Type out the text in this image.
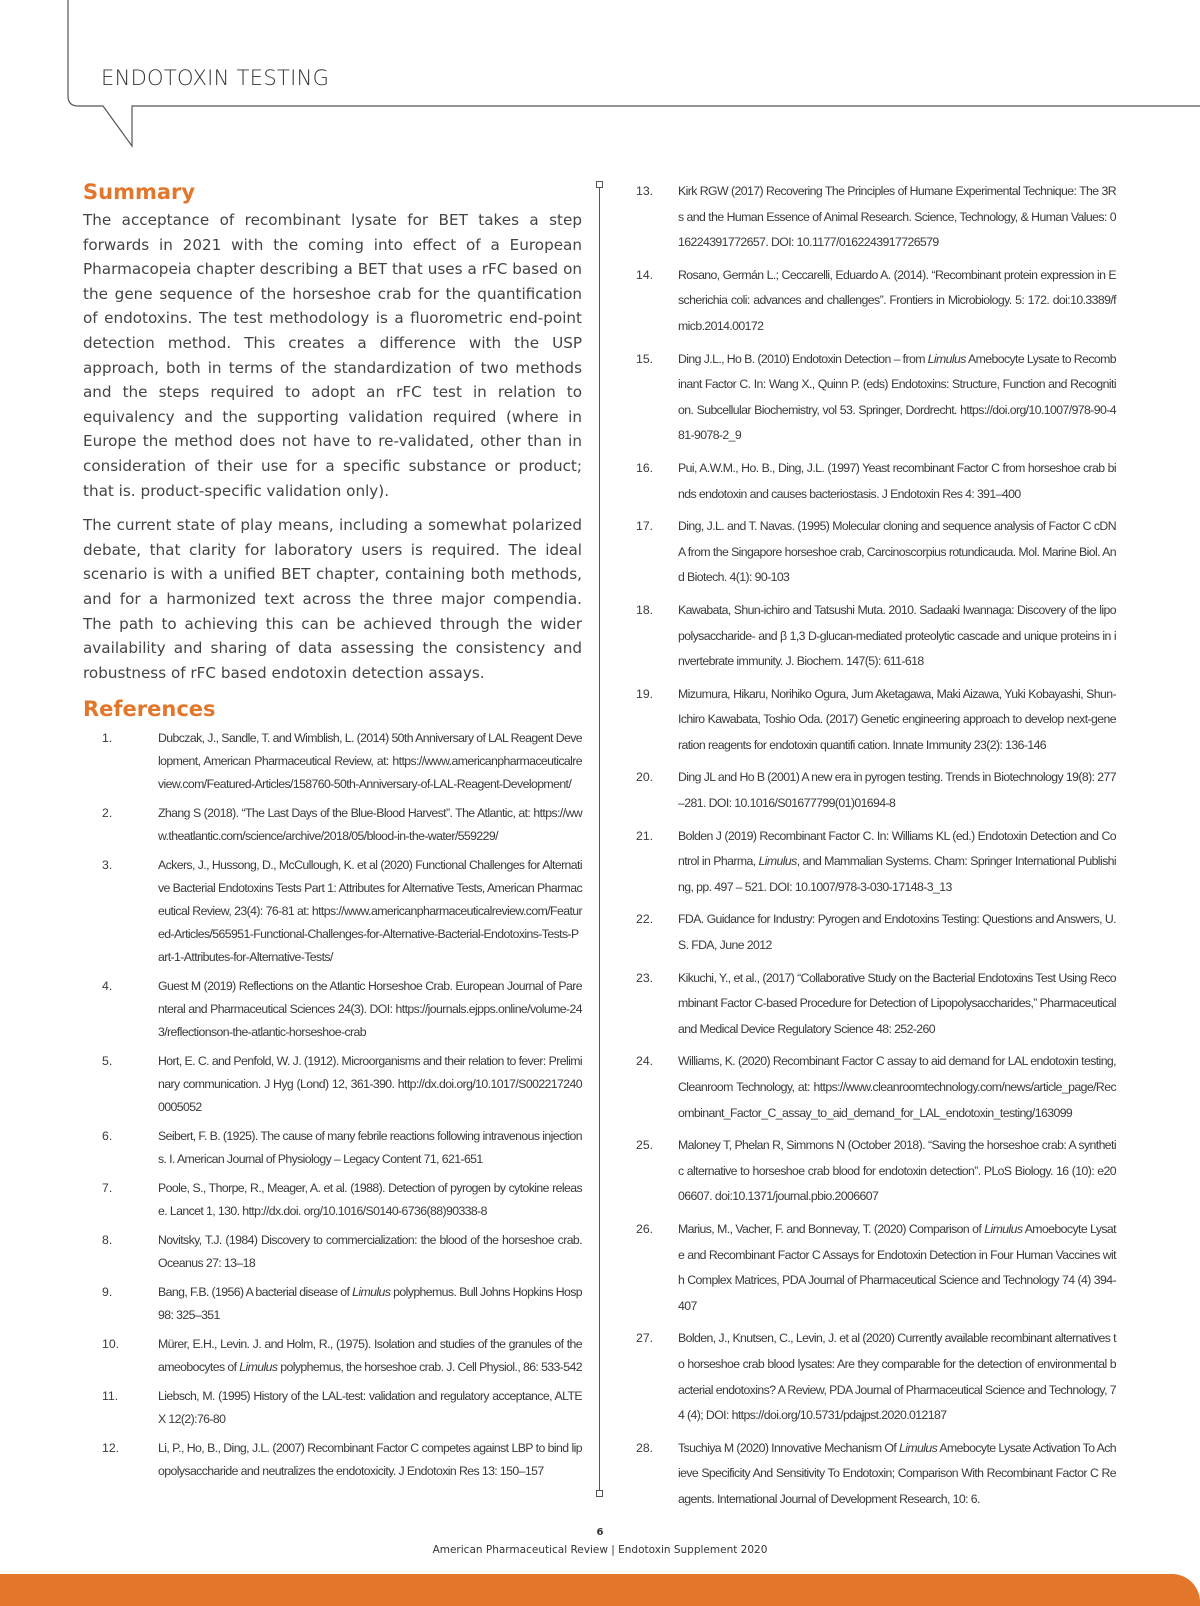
ENDOTOXIN TESTING
Summary

The acceptance of recombinant lysate for BET takes a step forwards in 2021 with the coming into effect of a European Pharmacopeia chapter describing a BET that uses a rFC based on the gene sequence of the horseshoe crab for the quantification of endotoxins. The test methodology is a fluorometric end-point detection method. This creates a difference with the USP approach, both in terms of the standardization of two methods and the steps required to adopt an rFC test in relation to equivalency and the supporting validation required (where in Europe the method does not have to re-validated, other than in consideration of their use for a specific substance or product; that is. product-specific validation only).

The current state of play means, including a somewhat polarized debate, that clarity for laboratory users is required. The ideal scenario is with a unified BET chapter, containing both methods, and for a harmonized text across the three major compendia. The path to achieving this can be achieved through the wider availability and sharing of data assessing the consistency and robustness of rFC based endotoxin detection assays.

References
1.	Dubczak, J., Sandle, T. and Wimblish, L. (2014) 50th Anniversary of LAL Reagent Development, American Pharmaceutical Review, at: https://www.americanpharmaceuticalreview.com/Featured-Articles/158760-50th-Anniversary-of-LAL-Reagent-Development/
2.	Zhang S (2018). “The Last Days of the Blue-Blood Harvest”. The Atlantic, at: https://www.theatlantic.com/science/archive/2018/05/blood-in-the-water/559229/
3.	Ackers, J., Hussong, D., McCullough, K. et al (2020) Functional Challenges for Alternative Bacterial Endotoxins Tests Part 1: Attributes for Alternative Tests, American Pharmaceutical Review, 23(4): 76-81 at: https://www.americanpharmaceuticalreview.com/Featured-Articles/565951-Functional-Challenges-for-Alternative-Bacterial-Endotoxins-Tests-Part-1-Attributes-for-Alternative-Tests/
4.	Guest M (2019) Reflections on the Atlantic Horseshoe Crab. European Journal of Parenteral and Pharmaceutical Sciences 24(3). DOI: https://journals.ejpps.online/volume-243/reflectionson-the-atlantic-horseshoe-crab
5.	Hort, E. C. and Penfold, W. J. (1912). Microorganisms and their relation to fever: Preliminary communication. J Hyg (Lond) 12, 361-390. http://dx.doi.org/10.1017/S0022172400005052
6.	Seibert, F. B. (1925). The cause of many febrile reactions following intravenous injections. I. American Journal of Physiology – Legacy Content 71, 621-651
7.	Poole, S., Thorpe, R., Meager, A. et al. (1988). Detection of pyrogen by cytokine release. Lancet 1, 130. http://dx.doi. org/10.1016/S0140-6736(88)90338-8
8.	Novitsky, T.J. (1984) Discovery to commercialization: the blood of the horseshoe crab. Oceanus 27: 13–18
9.	Bang, F.B. (1956) A bacterial disease of Limulus polyphemus. Bull Johns Hopkins Hosp 98: 325–351
10.	Mürer, E.H., Levin. J. and Holm, R., (1975). Isolation and studies of the granules of the ameobocytes of Limulus polyphemus, the horseshoe crab. J. Cell Physiol., 86: 533-542
11.	Liebsch, M. (1995) History of the LAL-test: validation and regulatory acceptance, ALTEX 12(2):76-80
12.	Li, P., Ho, B., Ding, J.L. (2007) Recombinant Factor C competes against LBP to bind lipopolysaccharide and neutralizes the endotoxicity. J Endotoxin Res 13: 150–157
13.	Kirk RGW (2017) Recovering The Principles of Humane Experimental Technique: The 3Rs and the Human Essence of Animal Research. Science, Technology, & Human Values: 016224391772657. DOI: 10.1177/0162243917726579
14.	Rosano, Germán L.; Ceccarelli, Eduardo A. (2014). “Recombinant protein expression in Escherichia coli: advances and challenges”. Frontiers in Microbiology. 5: 172. doi:10.3389/fmicb.2014.00172
15.	Ding J.L., Ho B. (2010) Endotoxin Detection – from Limulus Amebocyte Lysate to Recombinant Factor C. In: Wang X., Quinn P. (eds) Endotoxins: Structure, Function and Recognition. Subcellular Biochemistry, vol 53. Springer, Dordrecht. https://doi.org/10.1007/978-90-481-9078-2_9
16.	Pui, A.W.M., Ho. B., Ding, J.L. (1997) Yeast recombinant Factor C from horseshoe crab binds endotoxin and causes bacteriostasis. J Endotoxin Res 4: 391–400
17.	Ding, J.L. and T. Navas. (1995) Molecular cloning and sequence analysis of Factor C cDNA from the Singapore horseshoe crab, Carcinoscorpius rotundicauda. Mol. Marine Biol. And Biotech. 4(1): 90-103
18.	Kawabata, Shun-ichiro and Tatsushi Muta. 2010. Sadaaki Iwannaga: Discovery of the lipopolysaccharide- and β 1,3 D-glucan-mediated proteolytic cascade and unique proteins in invertebrate immunity. J. Biochem. 147(5): 611-618
19.	Mizumura, Hikaru, Norihiko Ogura, Jum Aketagawa, Maki Aizawa, Yuki Kobayashi, Shun-Ichiro Kawabata, Toshio Oda. (2017) Genetic engineering approach to develop next-generation reagents for endotoxin quantifi cation. Innate Immunity 23(2): 136-146
20.	Ding JL and Ho B (2001) A new era in pyrogen testing. Trends in Biotechnology 19(8): 277–281. DOI: 10.1016/S01677799(01)01694-8
21.	Bolden J (2019) Recombinant Factor C. In: Williams KL (ed.) Endotoxin Detection and Control in Pharma, Limulus, and Mammalian Systems. Cham: Springer International Publishing, pp. 497 – 521. DOI: 10.1007/978-3-030-17148-3_13
22.	FDA. Guidance for Industry: Pyrogen and Endotoxins Testing: Questions and Answers, U.S. FDA, June 2012
23.	Kikuchi, Y., et al., (2017) “Collaborative Study on the Bacterial Endotoxins Test Using Recombinant Factor C-based Procedure for Detection of Lipopolysaccharides,” Pharmaceutical and Medical Device Regulatory Science 48: 252-260
24.	Williams, K. (2020) Recombinant Factor C assay to aid demand for LAL endotoxin testing, Cleanroom Technology, at: https://www.cleanroomtechnology.com/news/article_page/Recombinant_Factor_C_assay_to_aid_demand_for_LAL_endotoxin_testing/163099
25.	Maloney T, Phelan R, Simmons N (October 2018). “Saving the horseshoe crab: A synthetic alternative to horseshoe crab blood for endotoxin detection”. PLoS Biology. 16 (10): e2006607. doi:10.1371/journal.pbio.2006607
26.	Marius, M., Vacher, F. and Bonnevay, T. (2020) Comparison of Limulus Amoebocyte Lysate and Recombinant Factor C Assays for Endotoxin Detection in Four Human Vaccines with Complex Matrices, PDA Journal of Pharmaceutical Science and Technology 74 (4) 394-407
27.	Bolden, J., Knutsen, C., Levin, J. et al (2020) Currently available recombinant alternatives to horseshoe crab blood lysates: Are they comparable for the detection of environmental bacterial endotoxins? A Review, PDA Journal of Pharmaceutical Science and Technology, 74 (4); DOI: https://doi.org/10.5731/pdajpst.2020.012187
28.	Tsuchiya M (2020) Innovative Mechanism Of Limulus Amebocyte Lysate Activation To Achieve Specificity And Sensitivity To Endotoxin; Comparison With Recombinant Factor C Reagents. International Journal of Development Research, 10: 6.
6
American Pharmaceutical Review | Endotoxin Supplement 2020
